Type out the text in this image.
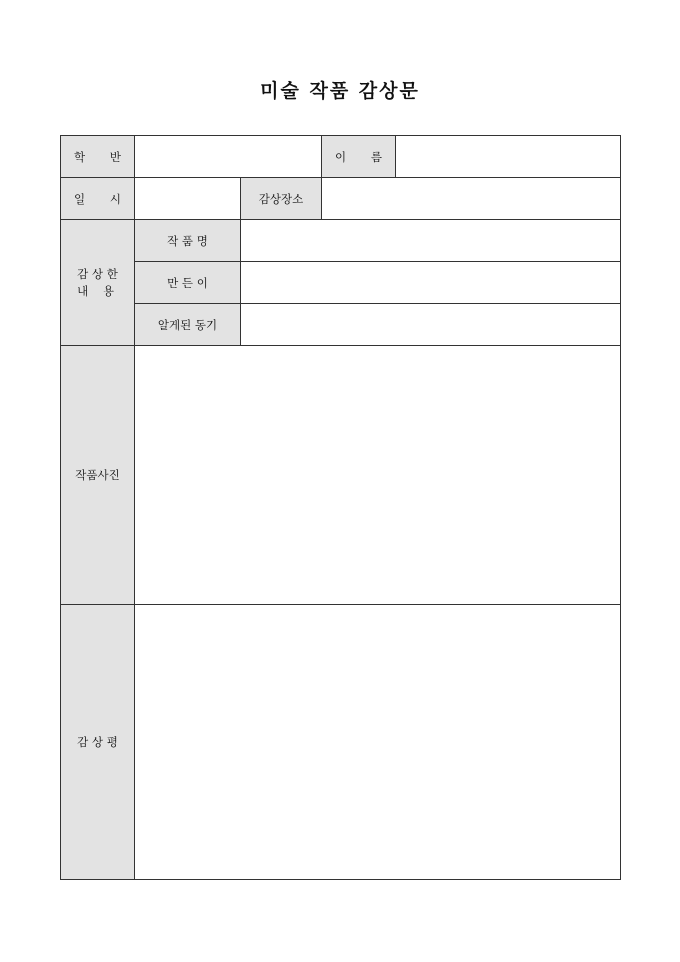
미술 작품 감상문
학 반			이 름	

일 시		감상장소		
감 상 한
내    용	작 품 명			
	만 든 이			
	알게된 동기			
작품사진				
감 상 평				
